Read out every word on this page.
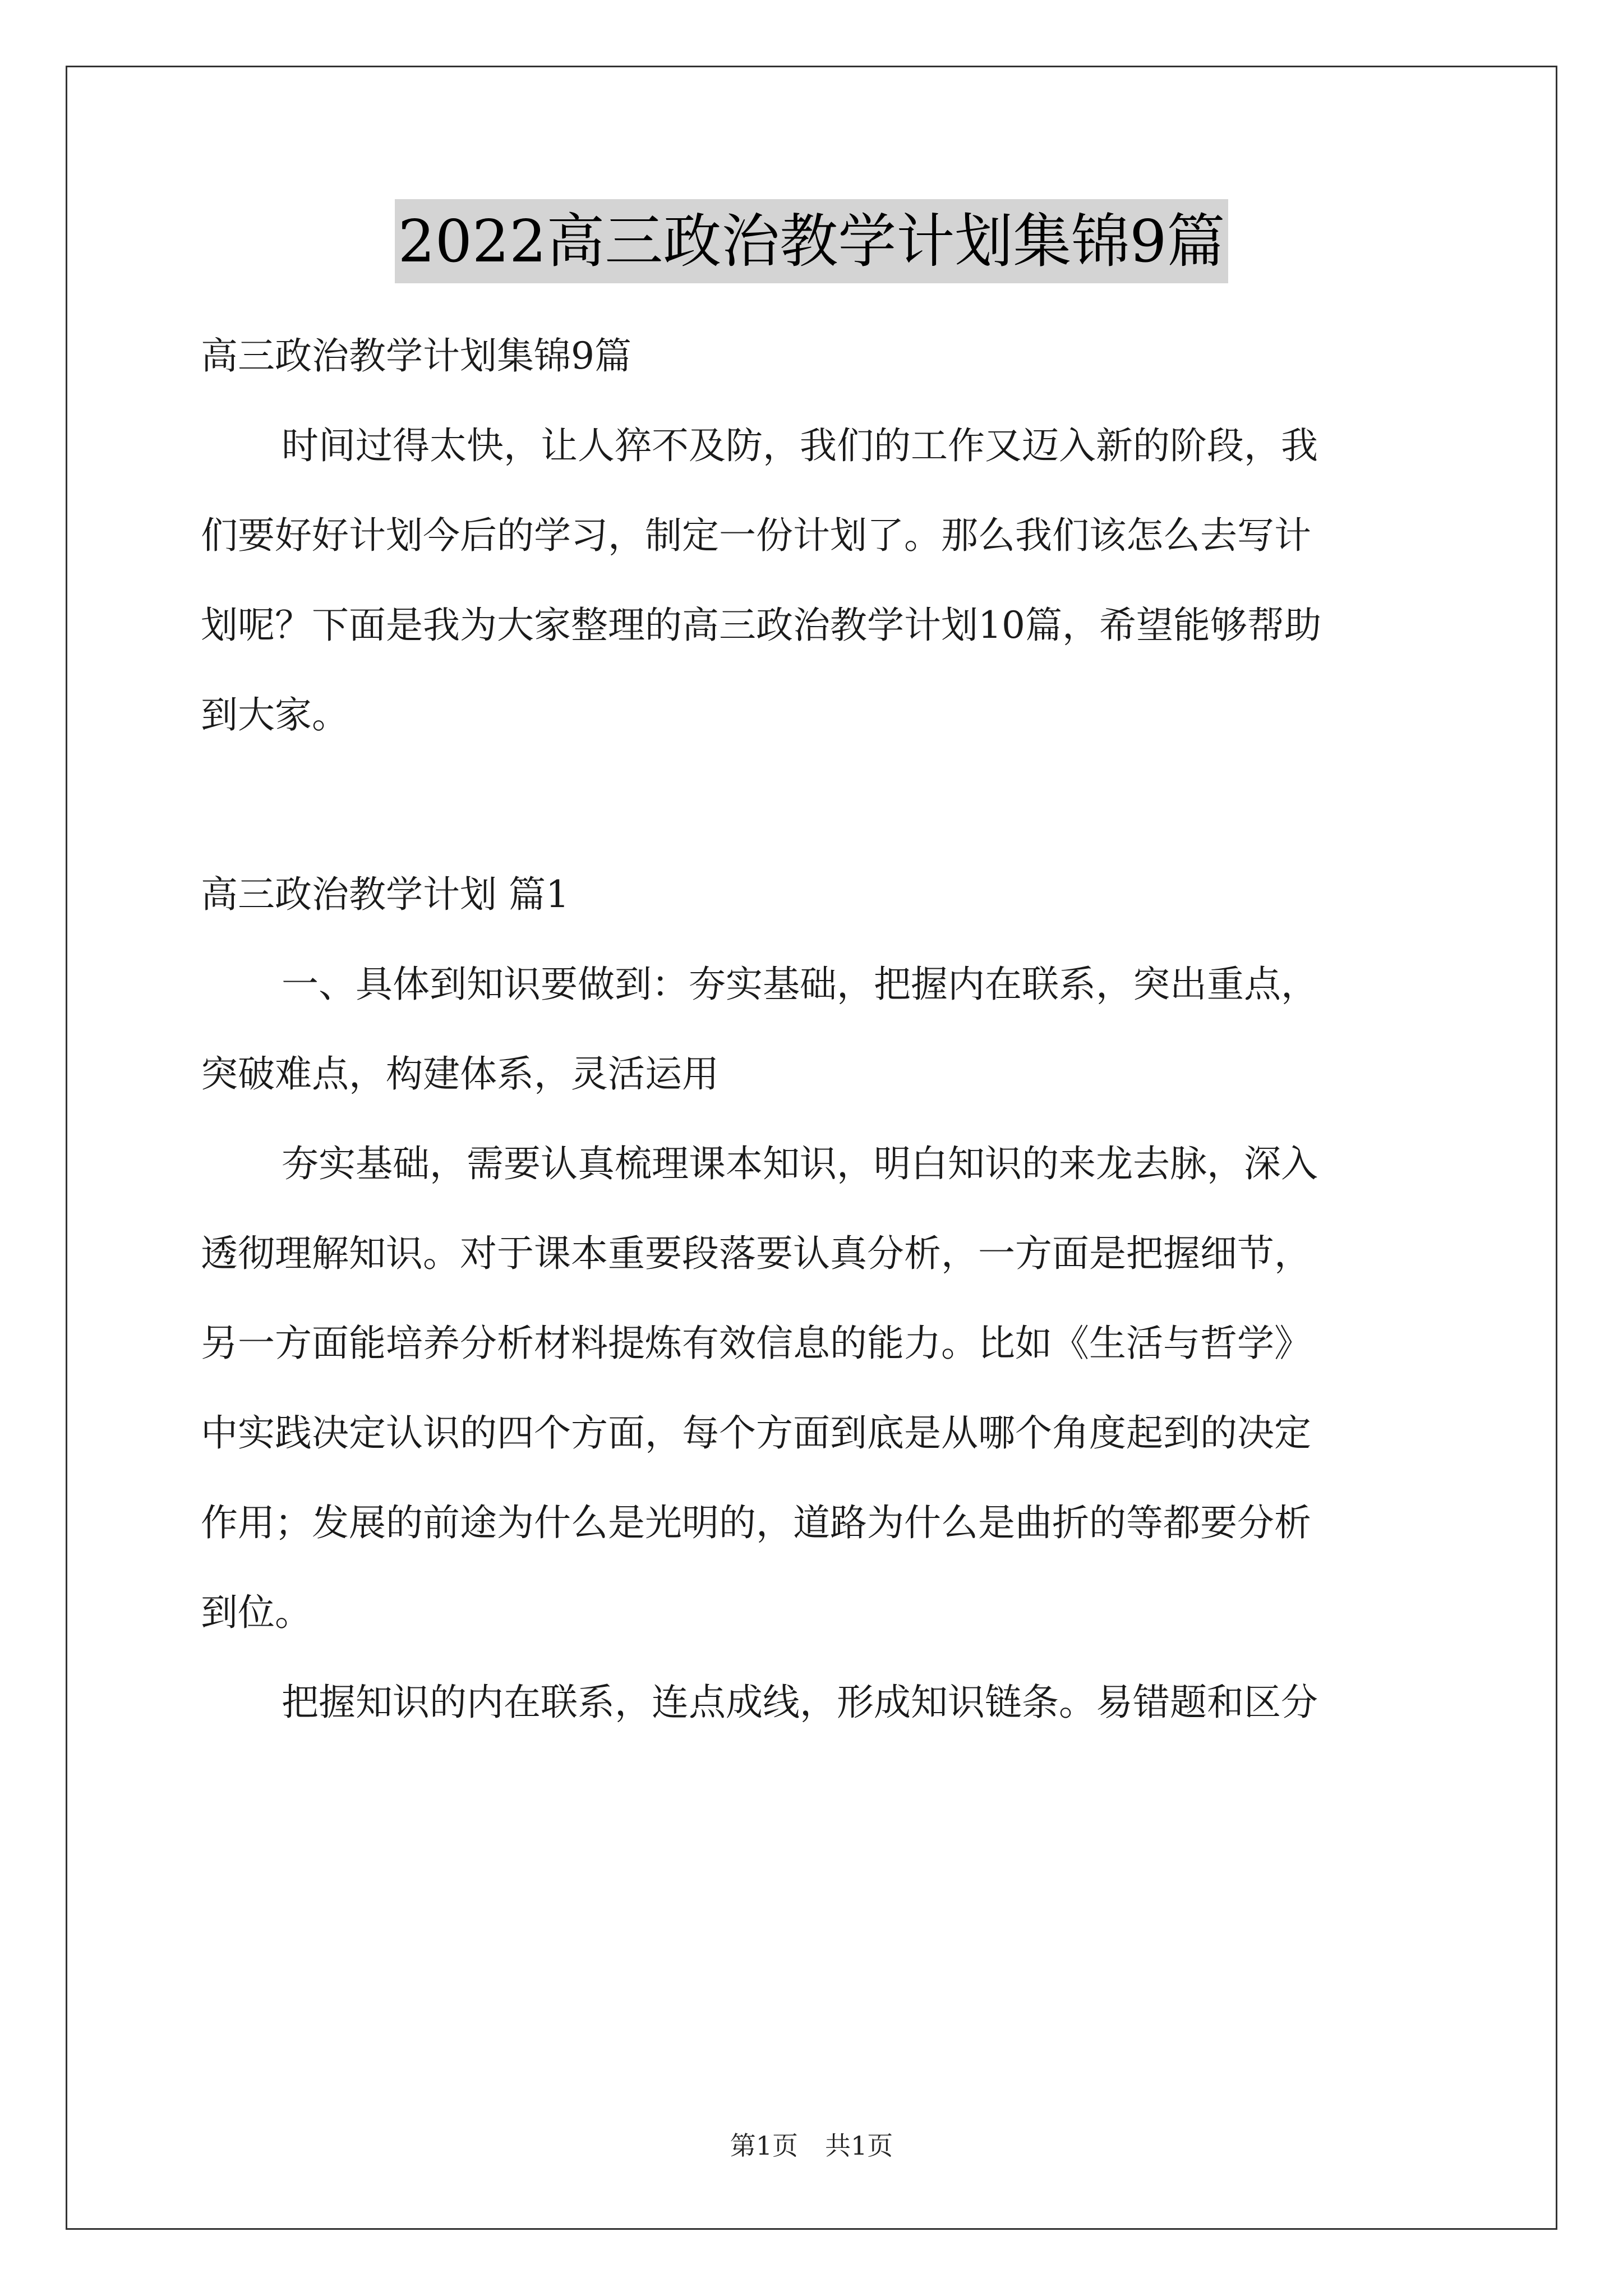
2022高三政治教学计划集锦9篇
高三政治教学计划集锦9篇
时间过得太快，让人猝不及防，我们的工作又迈入新的阶段，我
们要好好计划今后的学习，制定一份计划了。那么我们该怎么去写计
划呢？下面是我为大家整理的高三政治教学计划10篇，希望能够帮助
到大家。
高三政治教学计划 篇1
一、具体到知识要做到：夯实基础，把握内在联系，突出重点，
突破难点，构建体系，灵活运用
夯实基础，需要认真梳理课本知识，明白知识的来龙去脉，深入
透彻理解知识。对于课本重要段落要认真分析，一方面是把握细节，
另一方面能培养分析材料提炼有效信息的能力。比如《生活与哲学》
中实践决定认识的四个方面，每个方面到底是从哪个角度起到的决定
作用；发展的前途为什么是光明的，道路为什么是曲折的等都要分析
到位。
把握知识的内在联系，连点成线，形成知识链条。易错题和区分
第1页 共1页
